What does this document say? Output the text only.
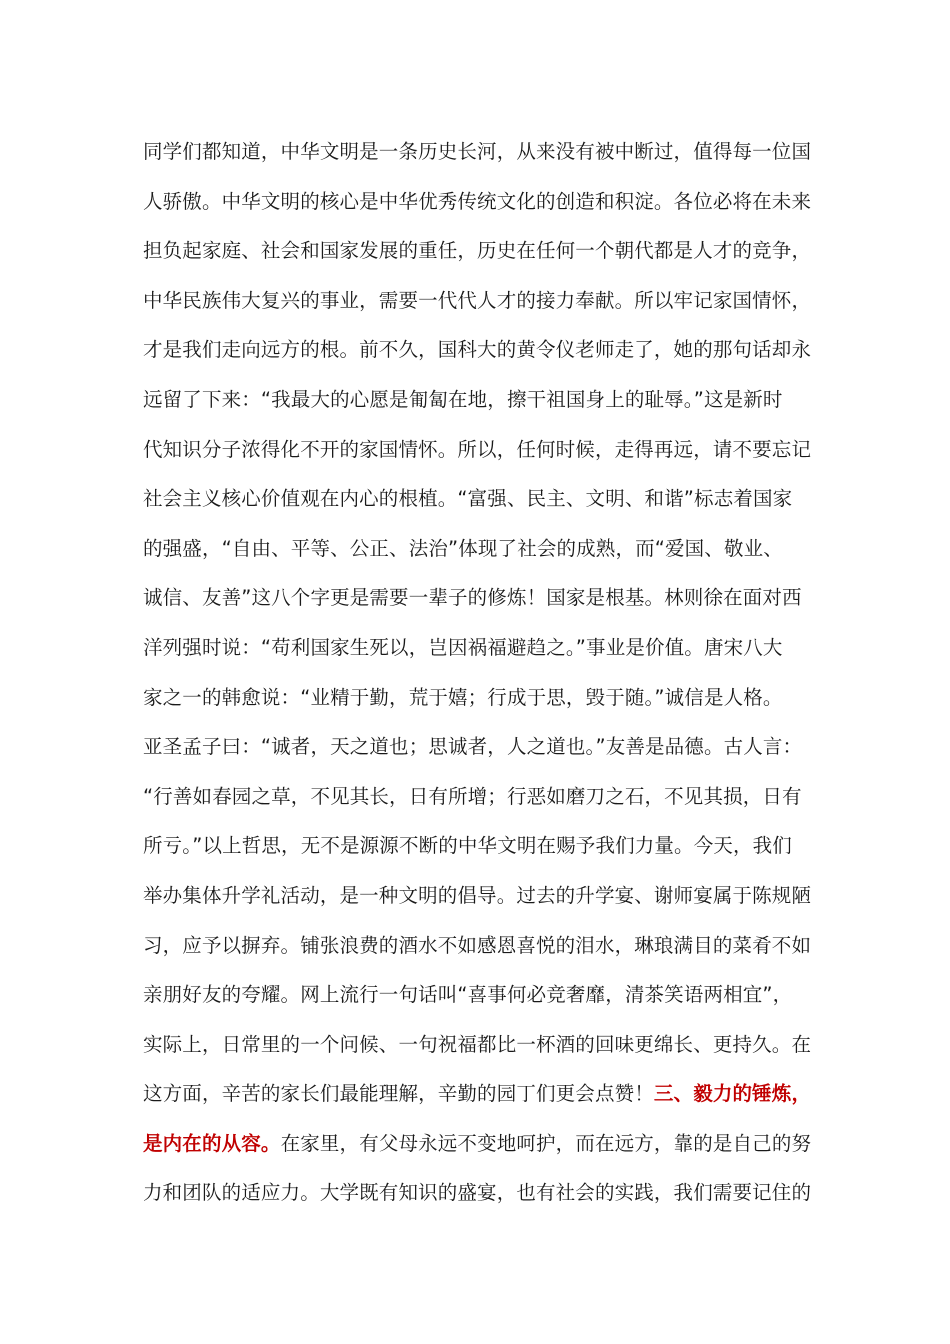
同学们都知道，中华文明是一条历史长河，从来没有被中断过，值得每一位国
人骄傲。中华文明的核心是中华优秀传统文化的创造和积淀。各位必将在未来
担负起家庭、社会和国家发展的重任，历史在任何一个朝代都是人才的竞争，
中华民族伟大复兴的事业，需要一代代人才的接力奉献。所以牢记家国情怀，
才是我们走向远方的根。前不久，国科大的黄令仪老师走了，她的那句话却永
远留了下来：“我最大的心愿是匍匐在地，擦干祖国身上的耻辱。”这是新时
代知识分子浓得化不开的家国情怀。所以，任何时候，走得再远，请不要忘记
社会主义核心价值观在内心的根植。“富强、民主、文明、和谐”标志着国家
的强盛，“自由、平等、公正、法治”体现了社会的成熟，而“爱国、敬业、
诚信、友善”这八个字更是需要一辈子的修炼！国家是根基。林则徐在面对西
洋列强时说：“苟利国家生死以，岂因祸福避趋之。”事业是价值。唐宋八大
家之一的韩愈说：“业精于勤，荒于嬉；行成于思，毁于随。”诚信是人格。
亚圣孟子曰：“诚者，天之道也；思诚者，人之道也。”友善是品德。古人言：
“行善如春园之草，不见其长，日有所增；行恶如磨刀之石，不见其损，日有
所亏。”以上哲思，无不是源源不断的中华文明在赐予我们力量。今天，我们
举办集体升学礼活动，是一种文明的倡导。过去的升学宴、谢师宴属于陈规陋
习，应予以摒弃。铺张浪费的酒水不如感恩喜悦的泪水，琳琅满目的菜肴不如
亲朋好友的夸耀。网上流行一句话叫“喜事何必竞奢靡，清茶笑语两相宜”，
实际上，日常里的一个问候、一句祝福都比一杯酒的回味更绵长、更持久。在
这方面，辛苦的家长们最能理解，辛勤的园丁们更会点赞！三、毅力的锤炼，
是内在的从容。在家里，有父母永远不变地呵护，而在远方，靠的是自己的努
力和团队的适应力。大学既有知识的盛宴，也有社会的实践，我们需要记住的
